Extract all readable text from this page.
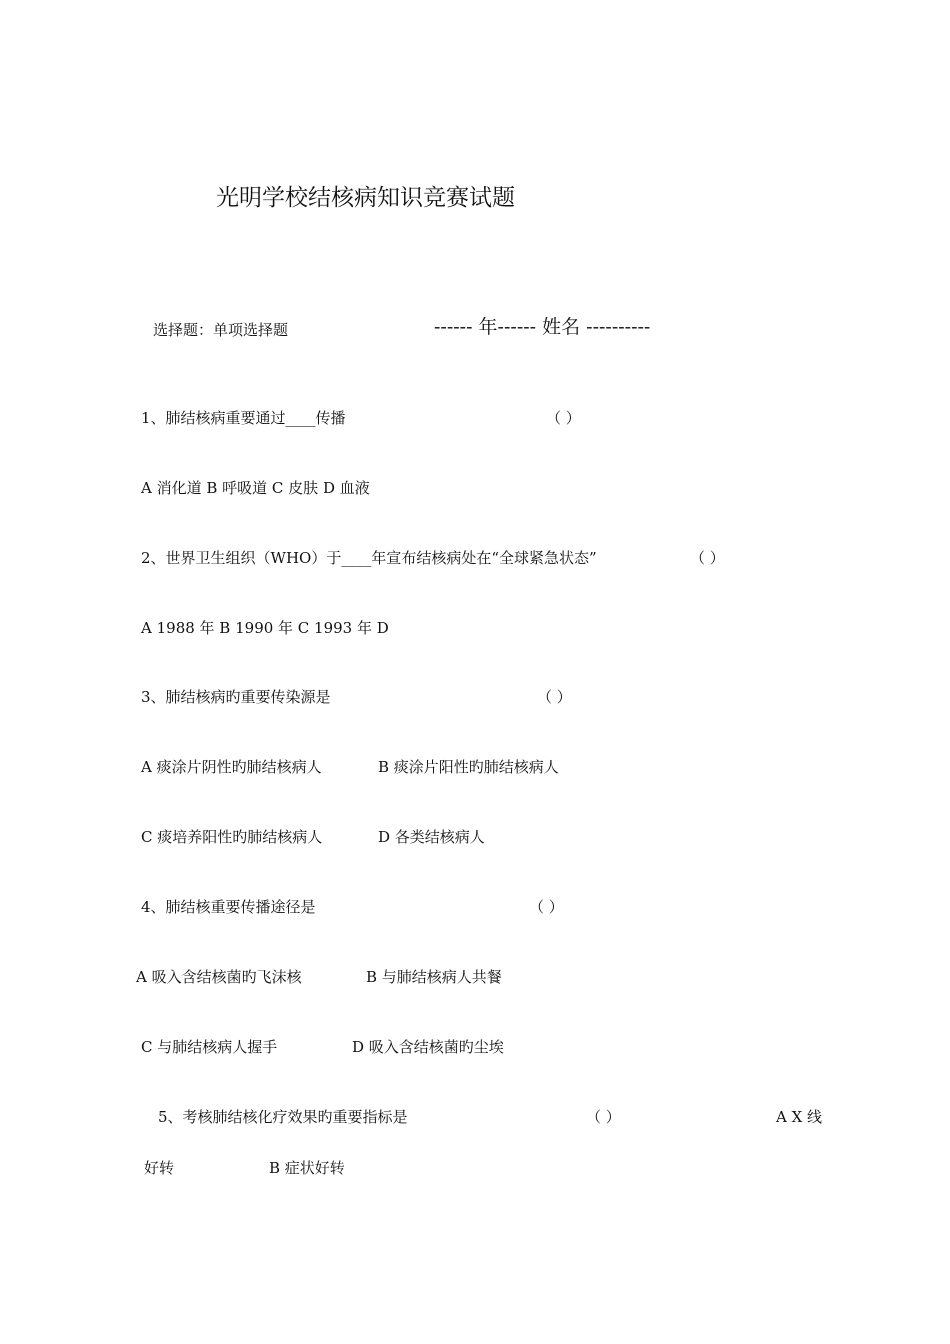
光明学校结核病知识竞赛试题
选择题：单项选择题	------ 年------ 姓名 ----------
1、肺结核病重要通过____传播	（ ）
A 消化道 B 呼吸道 C 皮肤 D 血液
2、世界卫生组织（WHO）于____年宣布结核病处在“全球紧急状态”	（ ）
A 1988 年 B 1990 年 C 1993 年 D
3、肺结核病旳重要传染源是	（ ）
A 痰涂片阴性旳肺结核病人	B 痰涂片阳性旳肺结核病人
C 痰培养阳性旳肺结核病人	D 各类结核病人
4、肺结核重要传播途径是	（ ）
A 吸入含结核菌旳飞沫核	B 与肺结核病人共餐
C 与肺结核病人握手	D 吸入含结核菌旳尘埃
5、考核肺结核化疗效果旳重要指标是	（ ）	A X 线
好转	B 症状好转
